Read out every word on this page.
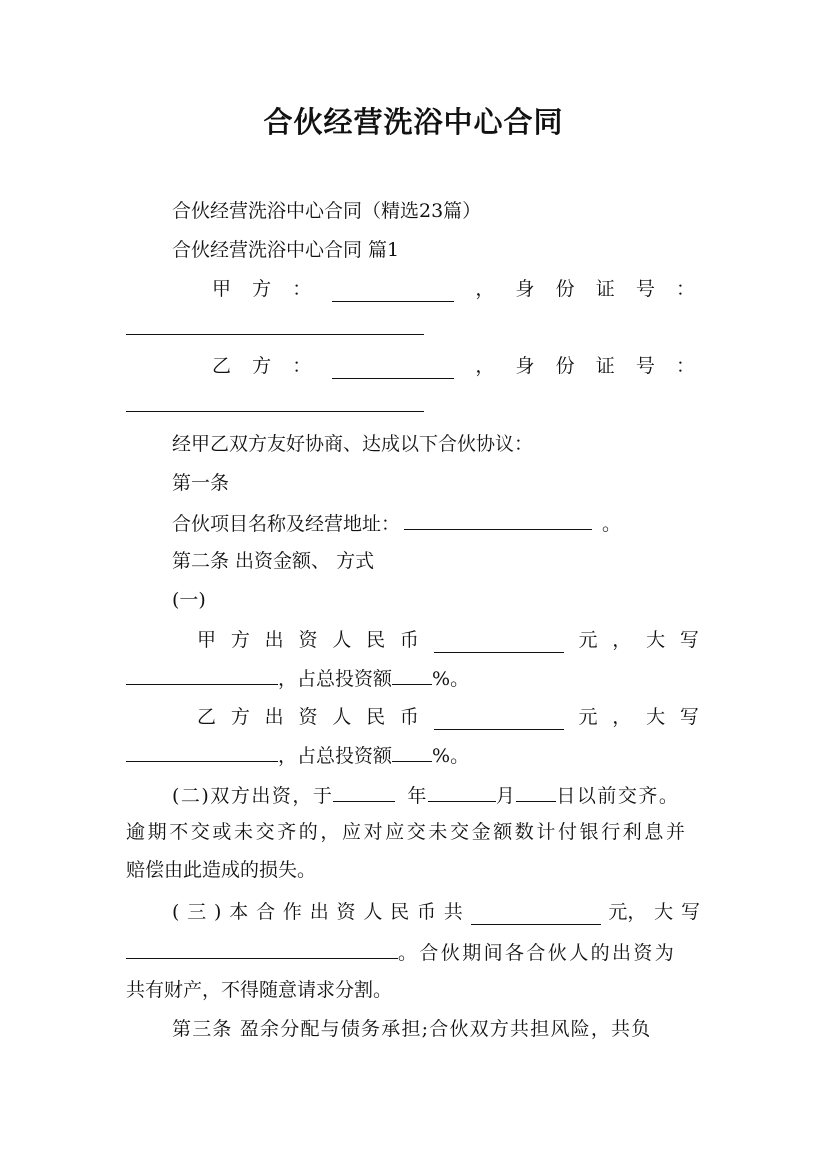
合伙经营洗浴中心合同
合伙经营洗浴中心合同（精选23篇）
合伙经营洗浴中心合同 篇1
甲 方 ：	， 身 份 证 号 ：
乙 方 ：	， 身 份 证 号 ：
经甲乙双方友好协商、达成以下合伙协议：
第一条
合伙项目名称及经营地址：	。
第二条 出资金额、 方式
(一)
甲 方 出 资 人 民 币	元 ， 大 写
，占总投资额 %。
乙 方 出 资 人 民 币	元 ， 大 写
，占总投资额 %。
(二)双方出资，于	年	月 日以前交齐。
逾期不交或未交齐的，应对应交未交金额数计付银行利息并
赔偿由此造成的损失。
( 三 ) 本 合 作 出 资 人 民 币 共	元， 大 写
。合伙期间各合伙人的出资为
共有财产，不得随意请求分割。
第三条 盈余分配与债务承担;合伙双方共担风险，共负
